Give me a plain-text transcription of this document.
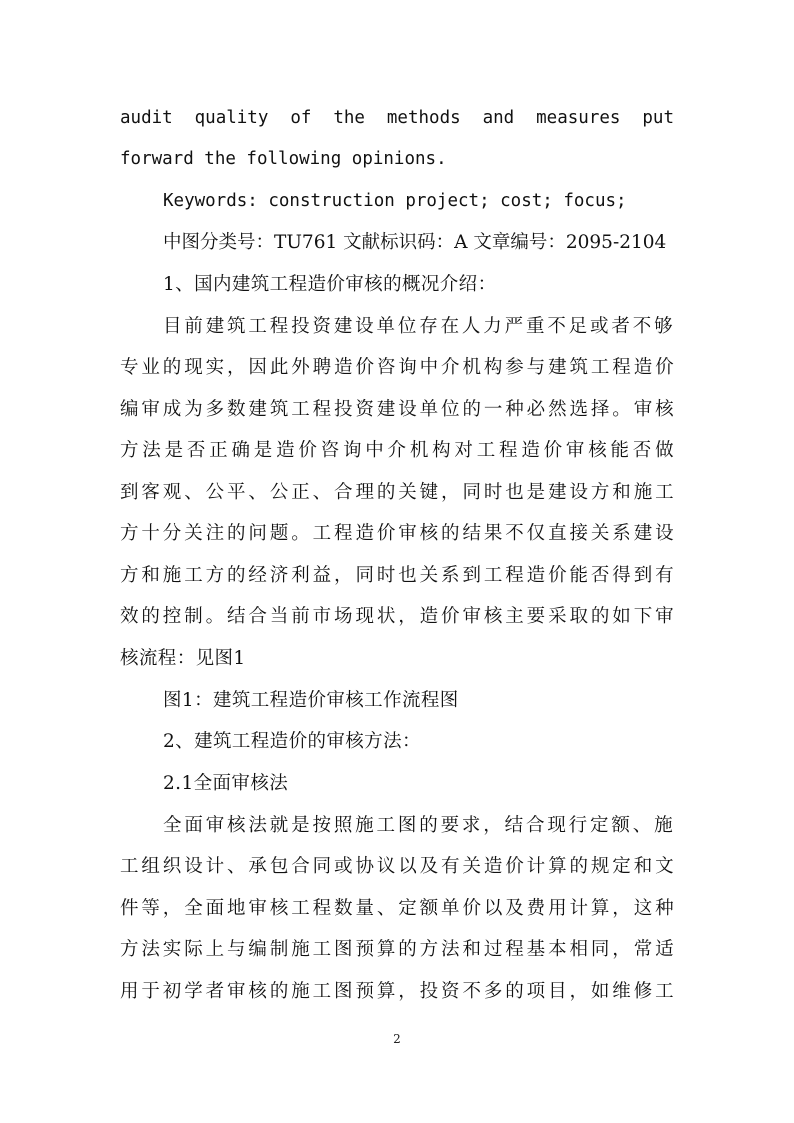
audit quality of the methods and measures put
forward the following opinions.
Keywords: construction project; cost; focus;
中图分类号：TU761 文献标识码：A 文章编号：2095-2104
1、国内建筑工程造价审核的概况介绍：
目前建筑工程投资建设单位存在人力严重不足或者不够
专业的现实，因此外聘造价咨询中介机构参与建筑工程造价
编审成为多数建筑工程投资建设单位的一种必然选择。审核
方法是否正确是造价咨询中介机构对工程造价审核能否做
到客观、公平、公正、合理的关键，同时也是建设方和施工
方十分关注的问题。工程造价审核的结果不仅直接关系建设
方和施工方的经济利益，同时也关系到工程造价能否得到有
效的控制。结合当前市场现状，造价审核主要采取的如下审
核流程：见图1
图1：建筑工程造价审核工作流程图
2、建筑工程造价的审核方法：
2.1全面审核法
全面审核法就是按照施工图的要求，结合现行定额、施
工组织设计、承包合同或协议以及有关造价计算的规定和文
件等，全面地审核工程数量、定额单价以及费用计算，这种
方法实际上与编制施工图预算的方法和过程基本相同，常适
用于初学者审核的施工图预算，投资不多的项目，如维修工
2
